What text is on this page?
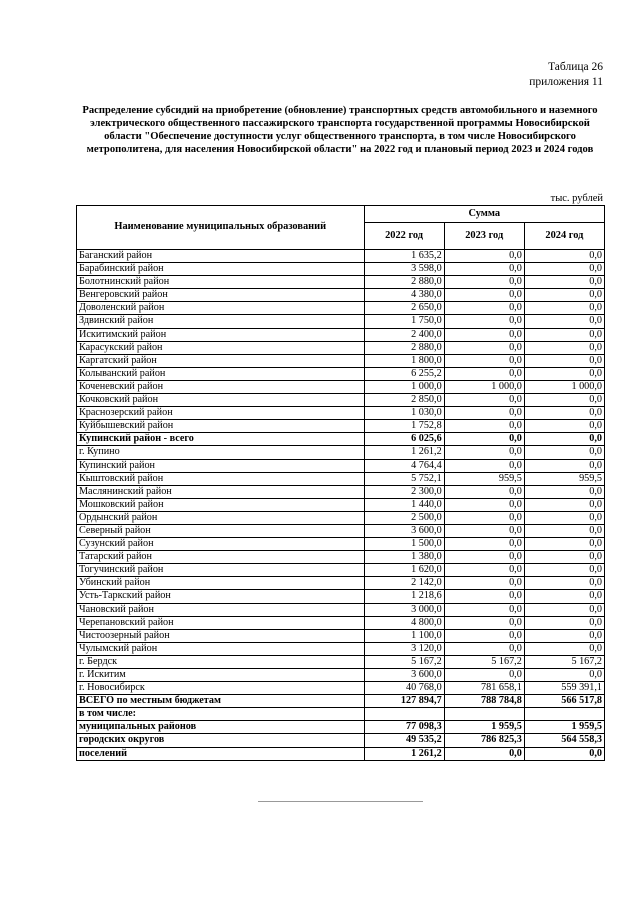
Таблица 26
приложения 11
Распределение субсидий на приобретение (обновление) транспортных средств автомобильного и наземного электрического общественного пассажирского транспорта государственной программы Новосибирской области "Обеспечение доступности услуг общественного транспорта, в том числе Новосибирского метрополитена, для населения Новосибирской области" на 2022 год и плановый период 2023 и 2024 годов
тыс. рублей
Наименование муниципальных образований	Сумма		
	2022 год	2023 год	2024 год
Баганский район	1 635,2	0,0	0,0
Барабинский район	3 598,0	0,0	0,0
Болотнинский район	2 880,0	0,0	0,0
Венгеровский район	4 380,0	0,0	0,0
Доволенский район	2 650,0	0,0	0,0
Здвинский район	1 750,0	0,0	0,0
Искитимский район	2 400,0	0,0	0,0
Карасукский район	2 880,0	0,0	0,0
Каргатский район	1 800,0	0,0	0,0
Колыванский район	6 255,2	0,0	0,0
Коченевский район	1 000,0	1 000,0	1 000,0
Кочковский район	2 850,0	0,0	0,0
Краснозерский район	1 030,0	0,0	0,0
Куйбышевский район	1 752,8	0,0	0,0
Купинский район - всего	6 025,6	0,0	0,0
г. Купино	1 261,2	0,0	0,0
Купинский район	4 764,4	0,0	0,0
Кыштовский район	5 752,1	959,5	959,5
Маслянинский район	2 300,0	0,0	0,0
Мошковский район	1 440,0	0,0	0,0
Ордынский район	2 500,0	0,0	0,0
Северный район	3 600,0	0,0	0,0
Сузунский район	1 500,0	0,0	0,0
Татарский район	1 380,0	0,0	0,0
Тогучинский район	1 620,0	0,0	0,0
Убинский район	2 142,0	0,0	0,0
Усть-Таркский район	1 218,6	0,0	0,0
Чановский район	3 000,0	0,0	0,0
Черепановский район	4 800,0	0,0	0,0
Чистоозерный район	1 100,0	0,0	0,0
Чулымский район	3 120,0	0,0	0,0
г. Бердск	5 167,2	5 167,2	5 167,2
г. Искитим	3 600,0	0,0	0,0
г. Новосибирск	40 768,0	781 658,1	559 391,1
ВСЕГО по местным бюджетам	127 894,7	788 784,8	566 517,8
в том числе:			
муниципальных районов	77 098,3	1 959,5	1 959,5
городских округов	49 535,2	786 825,3	564 558,3
поселений	1 261,2	0,0	0,0
